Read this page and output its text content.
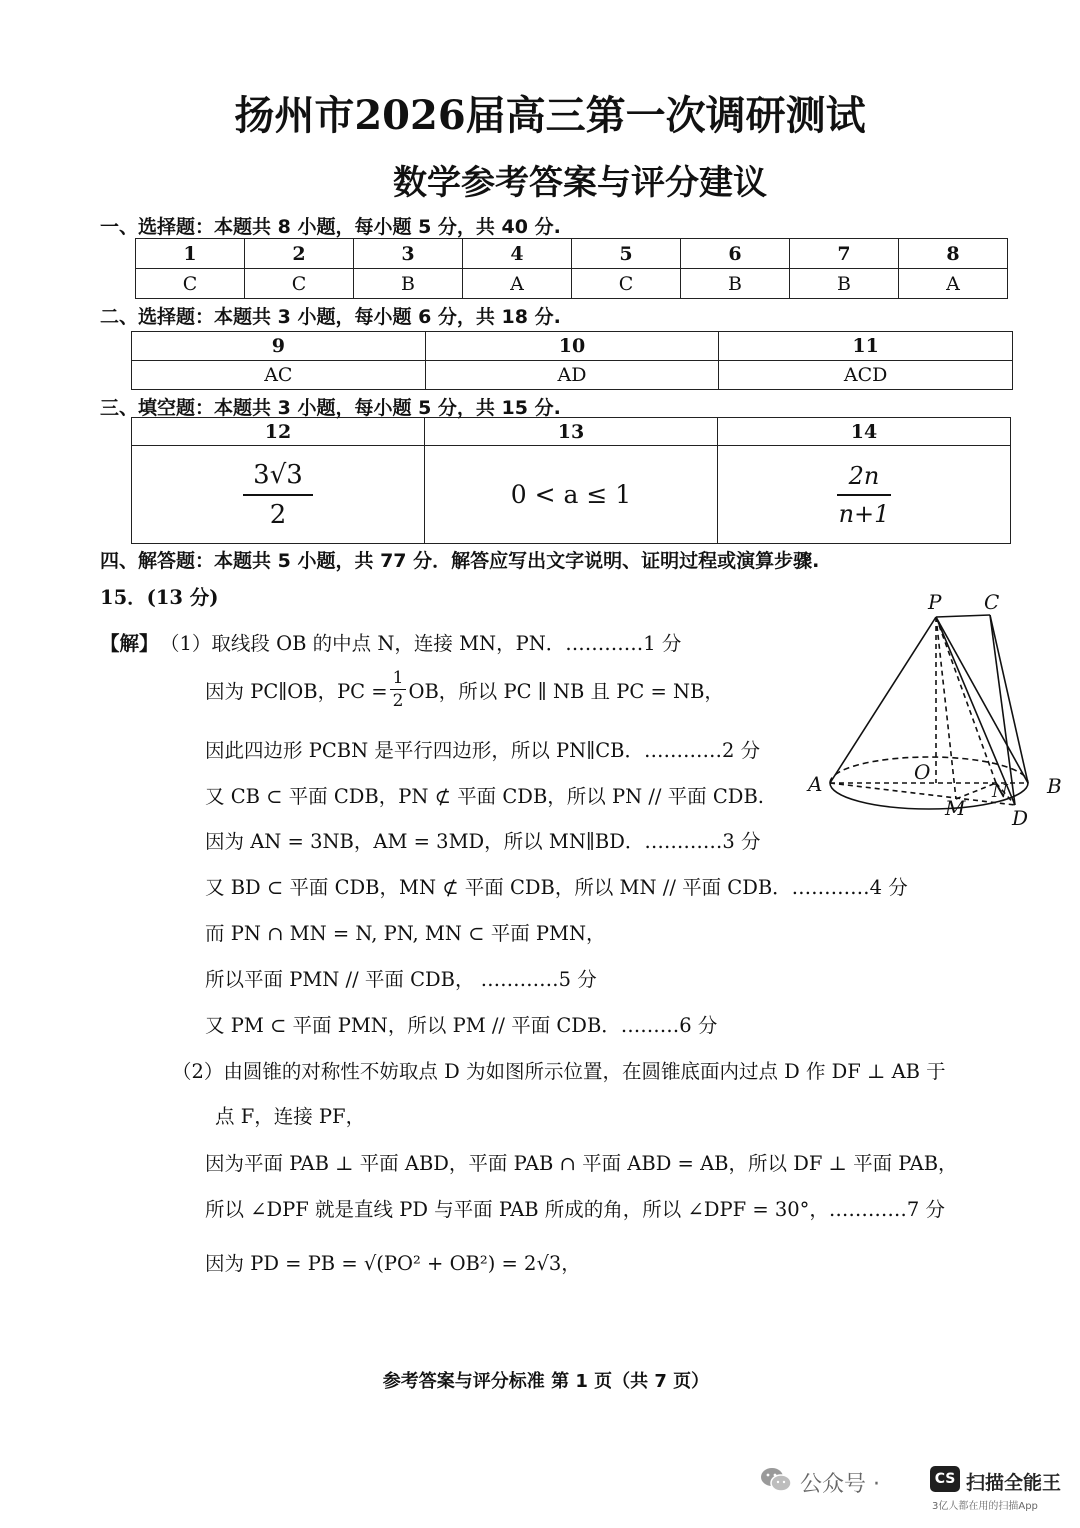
扬州市2026届高三第一次调研测试
数学参考答案与评分建议
一、选择题：本题共 8 小题，每小题 5 分，共 40 分.
1	2	3	4	5	6	7	8
C	C	B	A	C	B	B	A
二、选择题：本题共 3 小题，每小题 6 分，共 18 分.
9	10	11
AC	AD	ACD
三、填空题：本题共 3 小题，每小题 5 分，共 15 分.
12	13	14

$\frac{3√3}{2}$	0 < a ≤ 1	$\frac{2n}{n+1}$
四、解答题：本题共 5 小题，共 77 分．解答应写出文字说明、证明过程或演算步骤.
15．(13 分)
【解】 （1）取线段 OB 的中点 N，连接 MN，PN．…………1 分
因为 PC∥OB，PC = $\frac{1}{2}$ OB，所以 PC ∥ NB 且 PC = NB，
因此四边形 PCBN 是平行四边形，所以 PN∥CB．…………2 分
又 CB ⊂ 平面 CDB，PN ⊄ 平面 CDB，所以 PN // 平面 CDB.
因为 AN = 3NB，AM = 3MD，所以 MN∥BD．…………3 分
又 BD ⊂ 平面 CDB，MN ⊄ 平面 CDB，所以 MN // 平面 CDB．…………4 分
而 PN ∩ MN = N, PN, MN ⊂ 平面 PMN，
所以平面 PMN // 平面 CDB， …………5 分
又 PM ⊂ 平面 PMN，所以 PM // 平面 CDB．………6 分
（2）由圆锥的对称性不妨取点 D 为如图所示位置，在圆锥底面内过点 D 作 DF ⊥ AB 于
点 F，连接 PF，
因为平面 PAB ⊥ 平面 ABD，平面 PAB ∩ 平面 ABD = AB，所以 DF ⊥ 平面 PAB，
所以 ∠DPF 就是直线 PD 与平面 PAB 所成的角，所以 ∠DPF = 30°，…………7 分
因为 PD = PB = √(PO² + OB²) = 2√3，
P C
A	O
B
M
N
D
参考答案与评分标准 第 1 页（共 7 页）
公众号 ·	CS 扫描全能王
3亿人都在用的扫描App
